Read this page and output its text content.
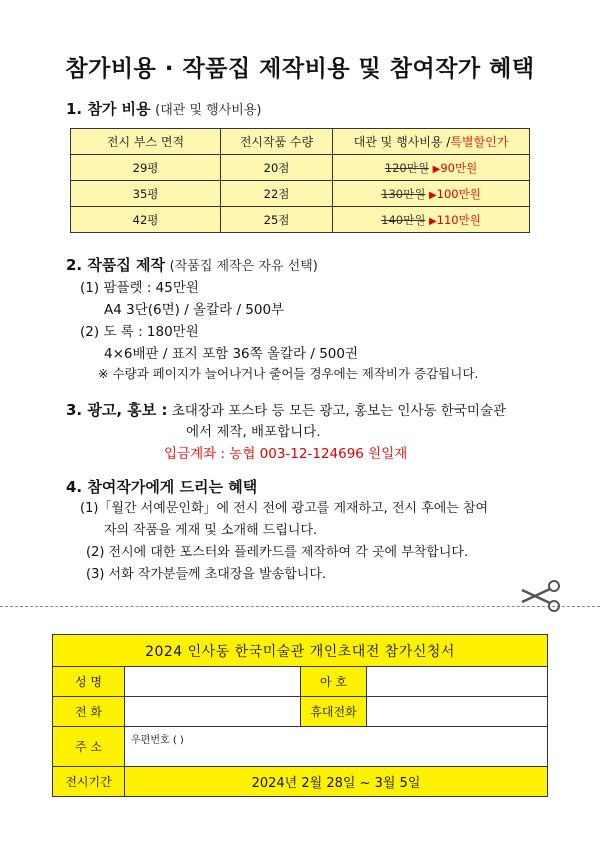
참가비용 · 작품집 제작비용 및 참여작가 혜택
1. 참가 비용 (대관 및 행사비용)
전시 부스 면적	전시작품 수량	대관 및 행사비용 /특별할인가
29평	20점	120만원 ▶90만원
35평	22점	130만원 ▶100만원
42평	25점	140만원 ▶110만원
2. 작품집 제작 (작품집 제작은 자유 선택)
(1) 팜플렛 : 45만원
A4 3단(6면) / 올칼라 / 500부
(2) 도 록 : 180만원
4×6배판 / 표지 포함 36쪽 올칼라 / 500권
※ 수량과 페이지가 늘어나거나 줄어들 경우에는 제작비가 증감됩니다.
3. 광고, 홍보 : 초대장과 포스타 등 모든 광고, 홍보는 인사동 한국미술관
에서 제작, 배포합니다.
입금계좌 : 농협 003-12-124696 원일재
4. 참여작가에게 드리는 혜택
(1)「월간 서예문인화」에 전시 전에 광고를 게재하고, 전시 후에는 참여
자의 작품을 게재 및 소개해 드립니다.
(2) 전시에 대한 포스터와 플레카드를 제작하여 각 곳에 부착합니다.
(3) 서화 작가분들께 초대장을 발송합니다.
2024 인사동 한국미술관 개인초대전 참가신청서			
성 명		아 호	
전 화		휴대전화	
주 소	우편번호 ( )		
전시기간	2024년 2월 28일 ~ 3월 5일		
